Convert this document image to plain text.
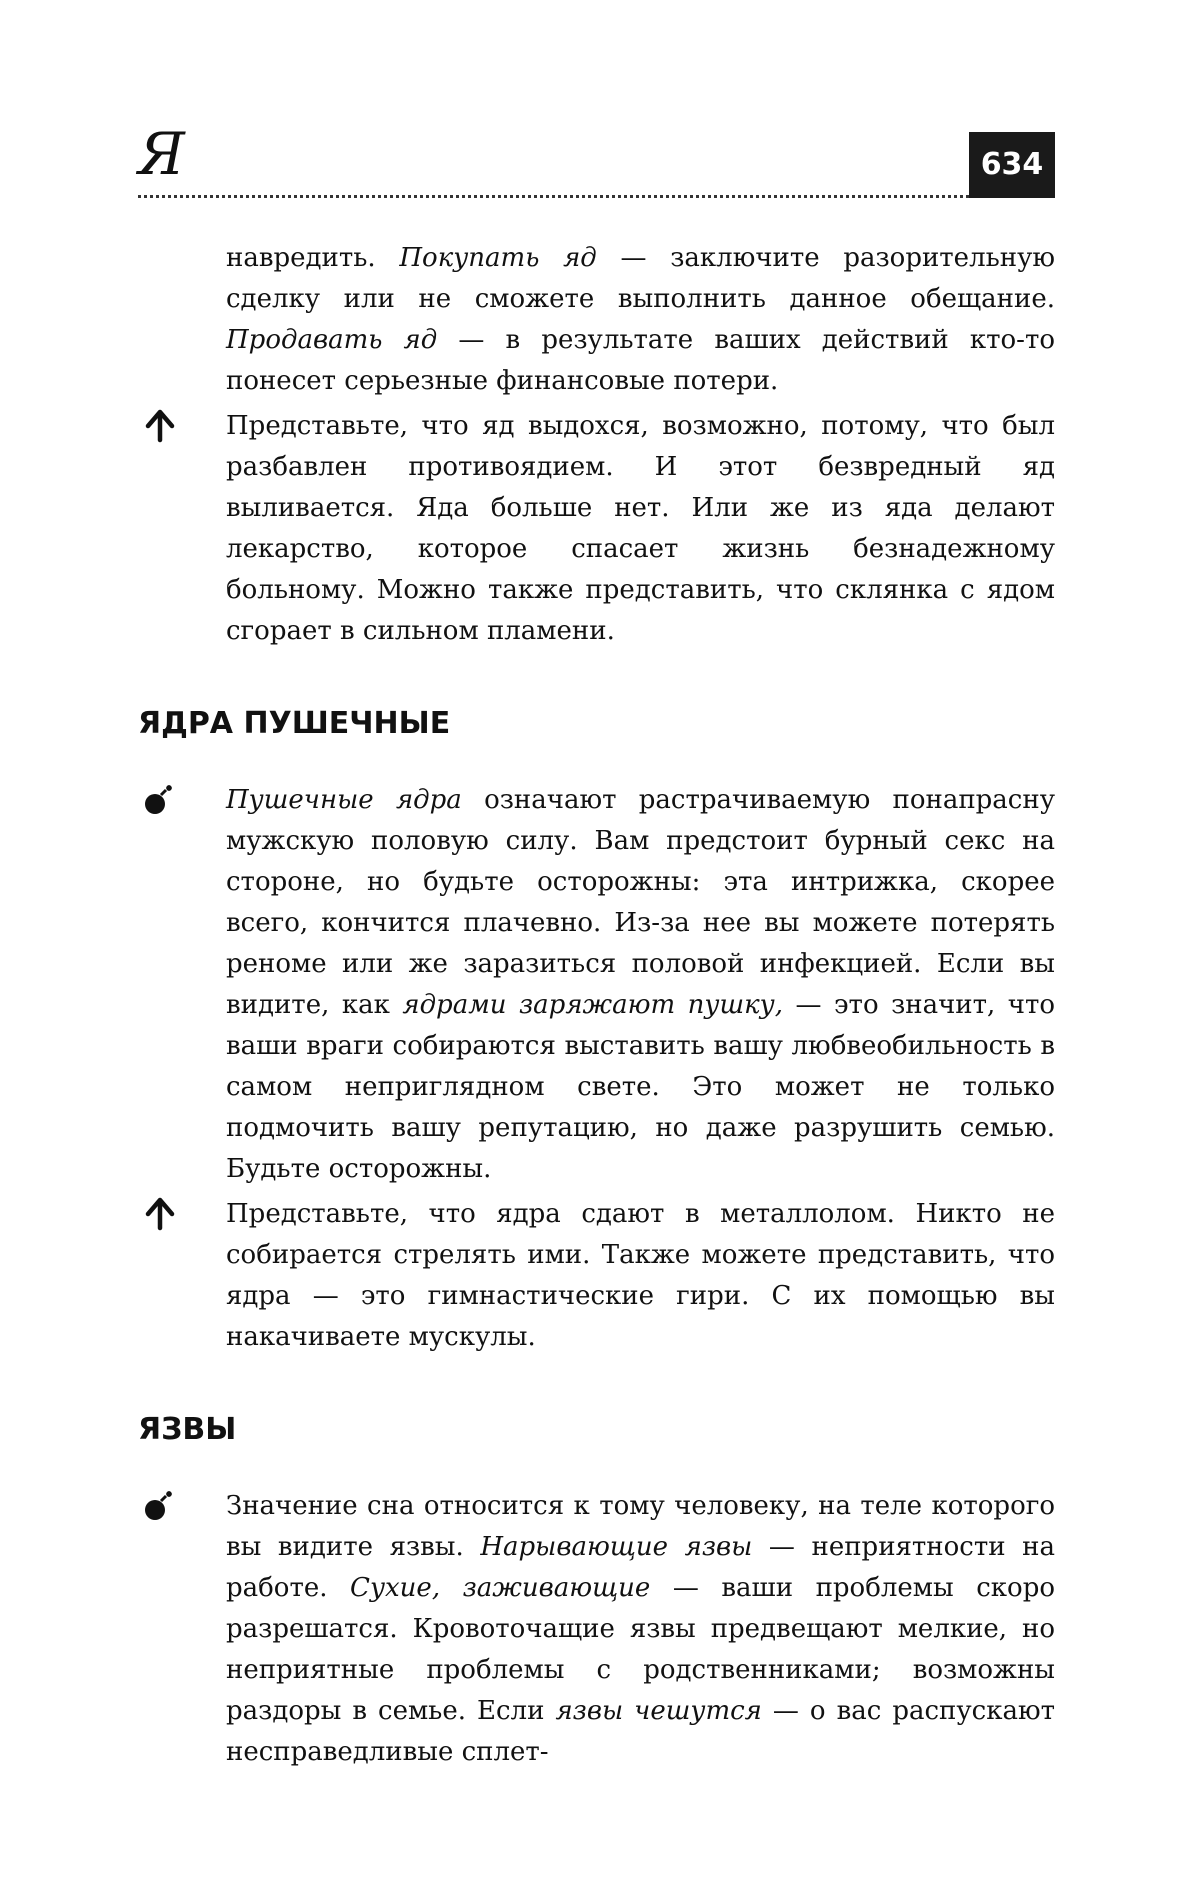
Я	634
навредить. Покупать яд — заключите разорительную сделку или не сможете выполнить данное обещание. Продавать яд — в результате ваших действий кто-то понесет серьезные финансовые потери.
Представьте, что яд выдохся, возможно, потому, что был разбавлен противоядием. И этот безвредный яд выливается. Яда больше нет. Или же из яда делают лекарство, которое спасает жизнь безнадежному больному. Можно также представить, что склянка с ядом сгорает в сильном пламени.
ЯДРА ПУШЕЧНЫЕ
Пушечные ядра означают растрачиваемую понапрасну мужскую половую силу. Вам предстоит бурный секс на стороне, но будьте осторожны: эта интрижка, скорее всего, кончится плачевно. Из-за нее вы можете потерять реноме или же заразиться половой инфекцией. Если вы видите, как ядрами заряжают пушку, — это значит, что ваши враги собираются выставить вашу любвеобильность в самом неприглядном свете. Это может не только подмочить вашу репутацию, но даже разрушить семью. Будьте осторожны.
Представьте, что ядра сдают в металлолом. Никто не собирается стрелять ими. Также можете представить, что ядра — это гимнастические гири. С их помощью вы накачиваете мускулы.
ЯЗВЫ
Значение сна относится к тому человеку, на теле которого вы видите язвы. Нарывающие язвы — неприятности на работе. Сухие, заживающие — ваши проблемы скоро разрешатся. Кровоточащие язвы предвещают мелкие, но неприятные проблемы с родственниками; возможны раздоры в семье. Если язвы чешутся — о вас распускают несправедливые сплет-
